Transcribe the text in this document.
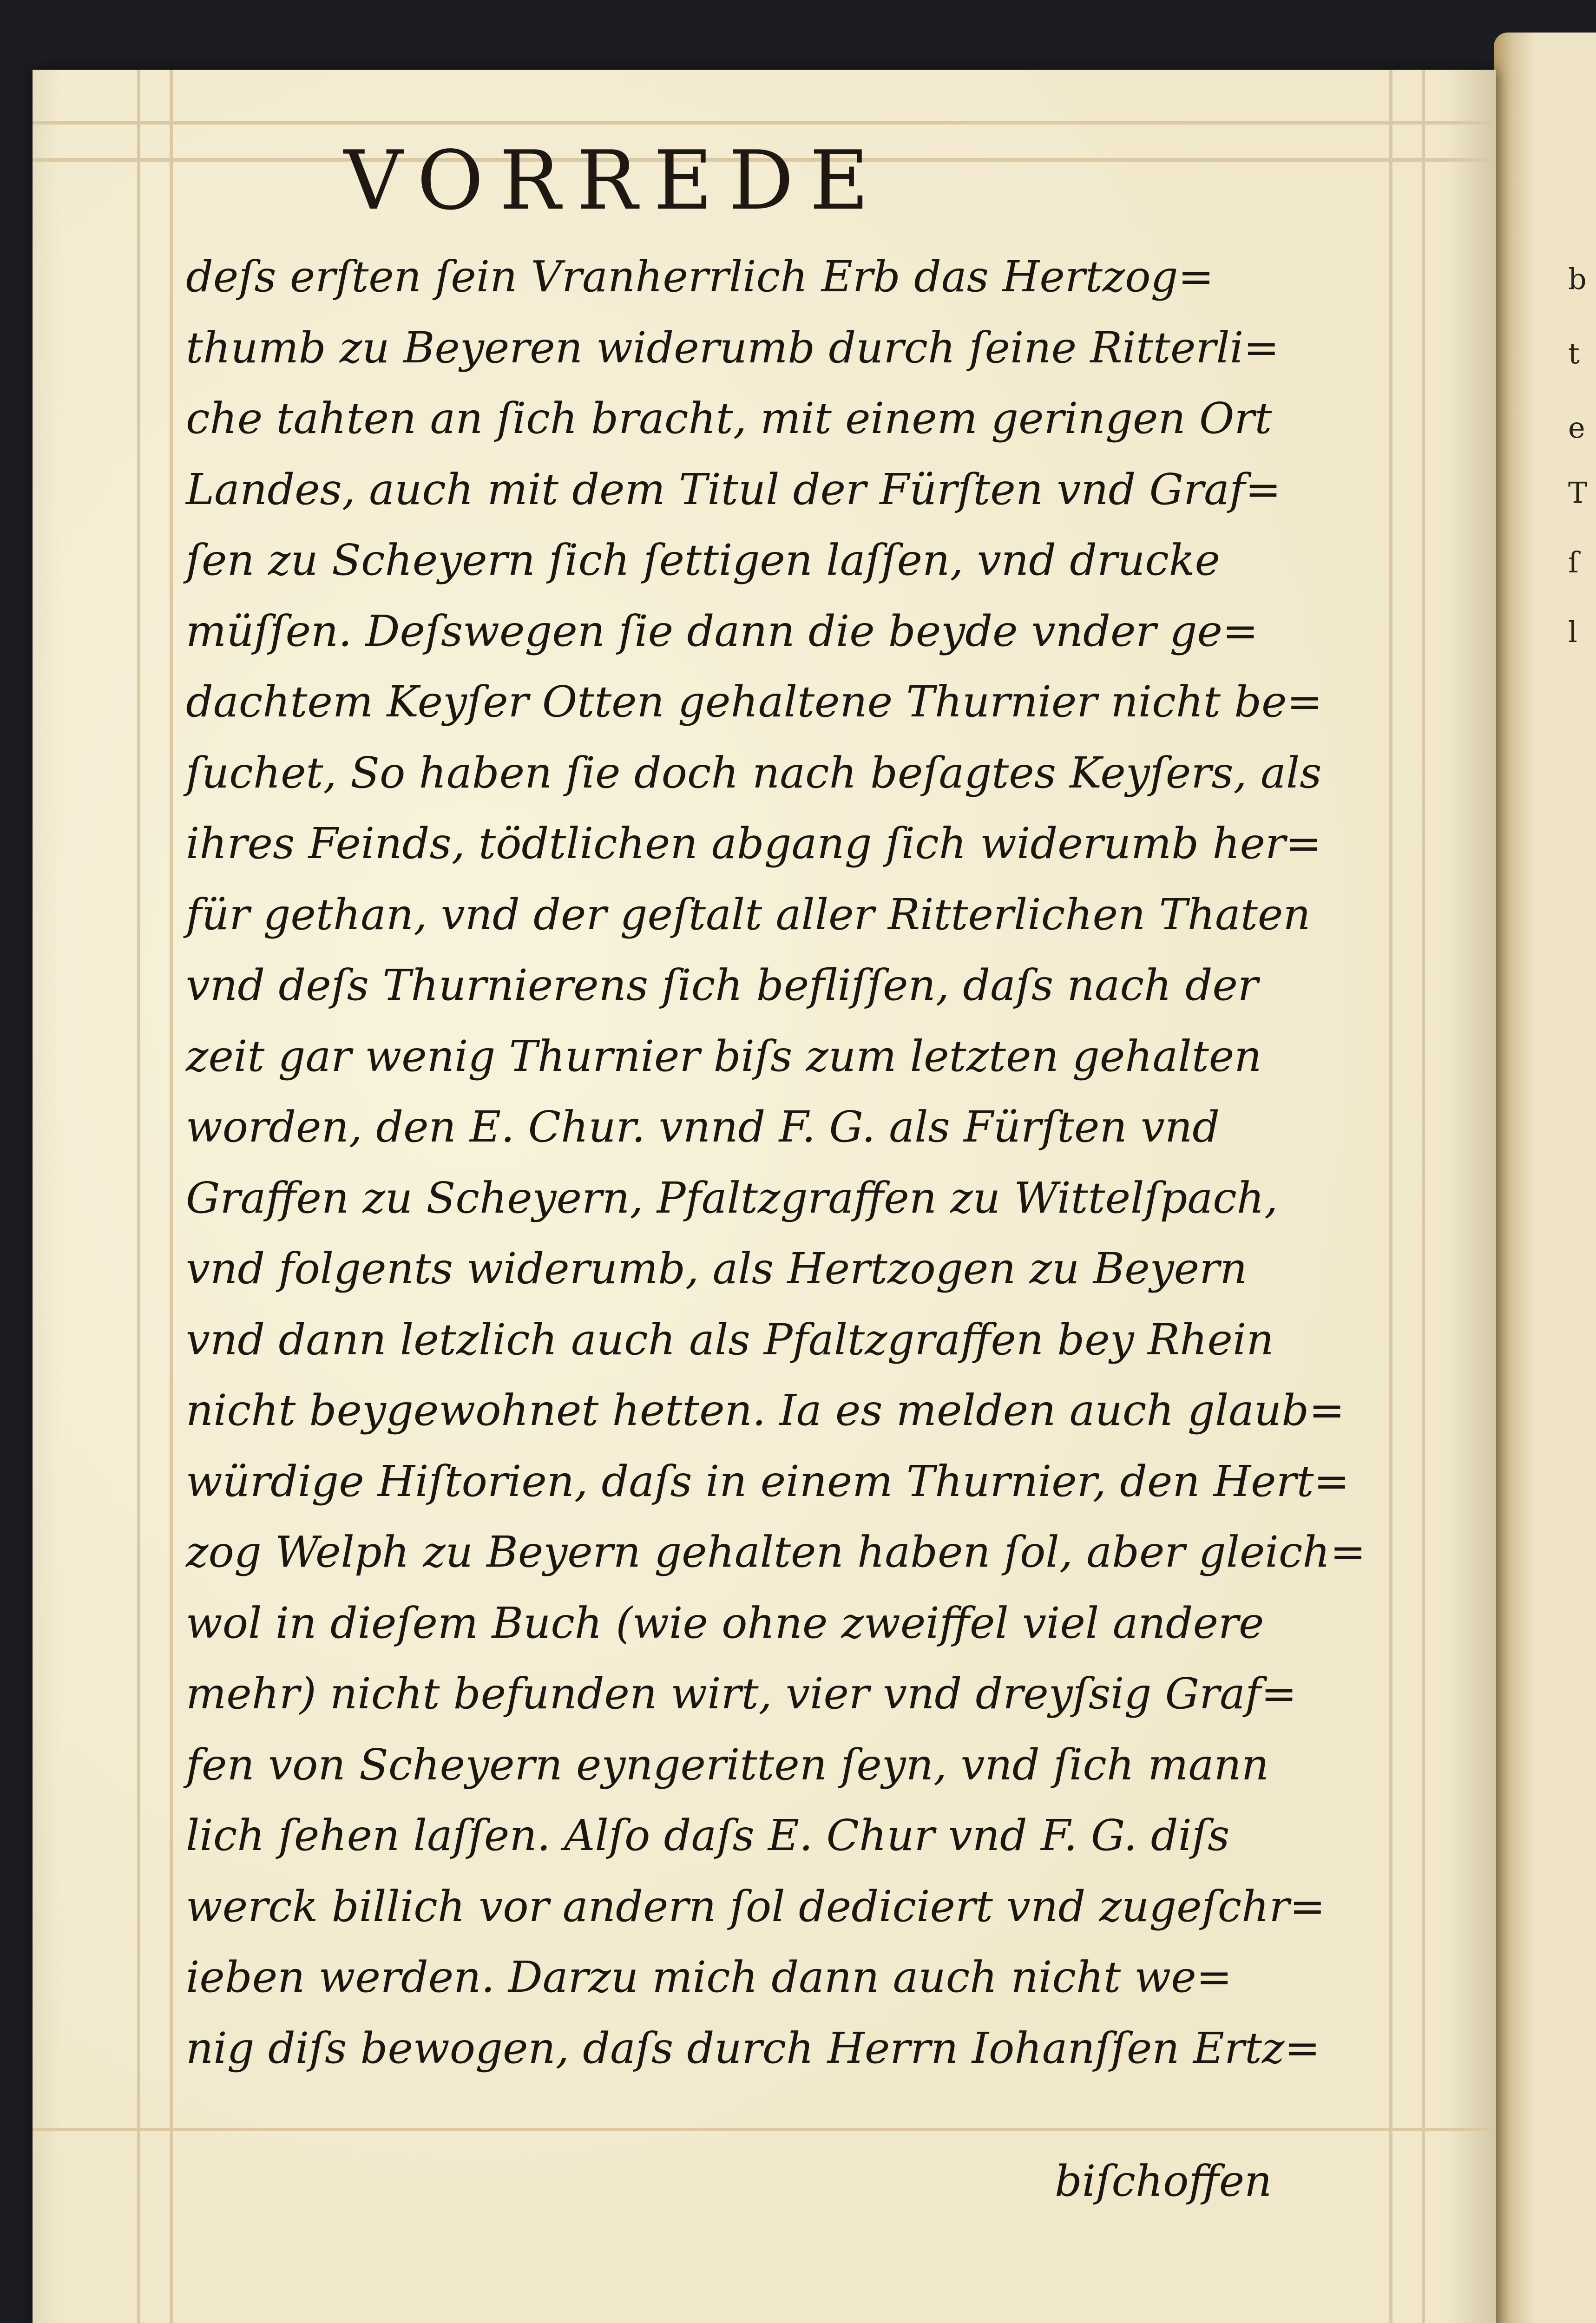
b
t
e
T
ſ
l
VORREDE
deſs erſten ſein Vranherrlich Erb das Hertzog=
thumb zu Beyeren widerumb durch ſeine Ritterli=
che tahten an ſich bracht, mit einem geringen Ort
Landes, auch mit dem Titul der Fürſten vnd Graf=
ſen zu Scheyern ſich ſettigen laſſen, vnd drucke
müſſen. Deſswegen ſie dann die beyde vnder ge=
dachtem Keyſer Otten gehaltene Thurnier nicht be=
ſuchet, So haben ſie doch nach beſagtes Keyſers, als
ihres Feinds, tödtlichen abgang ſich widerumb her=
für gethan, vnd der geſtalt aller Ritterlichen Thaten
vnd deſs Thurnierens ſich befliſſen, daſs nach der
zeit gar wenig Thurnier biſs zum letzten gehalten
worden, den E. Chur. vnnd F. G. als Fürſten vnd
Graffen zu Scheyern, Pfaltzgraffen zu Wittelſpach,
vnd folgents widerumb, als Hertzogen zu Beyern
vnd dann letzlich auch als Pfaltzgraffen bey Rhein
nicht beygewohnet hetten. Ia es melden auch glaub=
würdige Hiſtorien, daſs in einem Thurnier, den Hert=
zog Welph zu Beyern gehalten haben ſol, aber gleich=
wol in dieſem Buch (wie ohne zweiffel viel andere
mehr) nicht befunden wirt, vier vnd dreyſsig Graf=
fen von Scheyern eyngeritten ſeyn, vnd ſich mann
lich ſehen laſſen. Alſo daſs E. Chur vnd F. G. diſs
werck billich vor andern ſol dediciert vnd zugeſchr=
ieben werden. Darzu mich dann auch nicht we=
nig diſs bewogen, daſs durch Herrn Iohanſſen Ertz=
biſchoffen
